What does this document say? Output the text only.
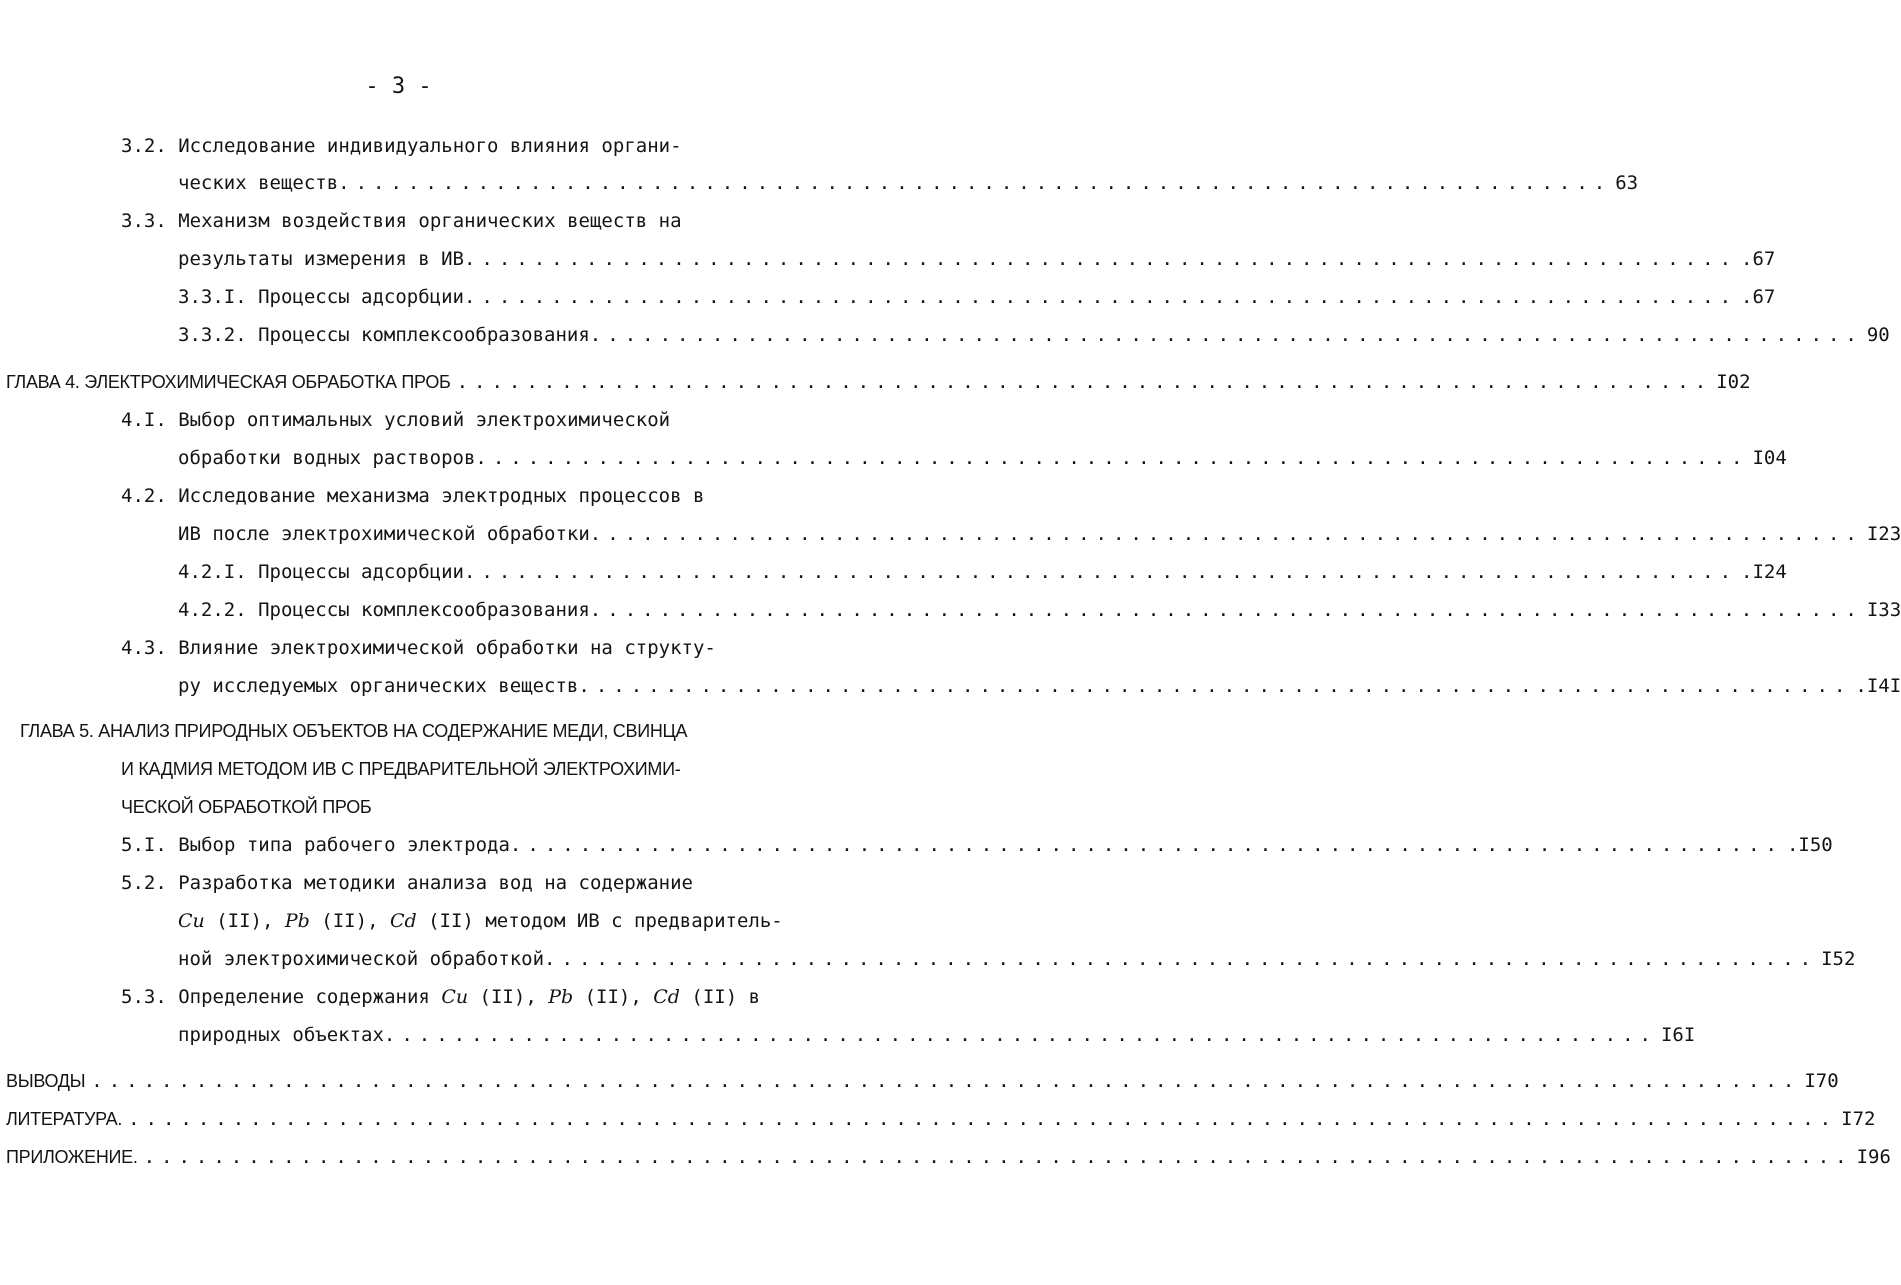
- 3 -
3.2. Исследование индивидуального влияния органи-
ческих веществ. ........................................................................ 63
3.3. Механизм воздействия органических веществ на
результаты измерения в ИВ. ........................................................................ .67
3.3.I. Процессы адсорбции. ........................................................................ .67
3.3.2. Процессы комплексообразования. ........................................................................ 90
ГЛАВА 4. ЭЛЕКТРОХИМИЧЕСКАЯ ОБРАБОТКА ПРОБ ........................................................................ I02
4.I. Выбор оптимальных условий электрохимической
обработки водных растворов. ........................................................................ I04
4.2. Исследование механизма электродных процессов в
ИВ после электрохимической обработки. ........................................................................ I23
4.2.I. Процессы адсорбции. ........................................................................ .I24
4.2.2. Процессы комплексообразования. ........................................................................ I33
4.3. Влияние электрохимической обработки на структу-
ру исследуемых органических веществ. ........................................................................ .I4I
ГЛАВА 5. АНАЛИЗ ПРИРОДНЫХ ОБЪЕКТОВ НА СОДЕРЖАНИЕ МЕДИ, СВИНЦА
И КАДМИЯ МЕТОДОМ ИВ С ПРЕДВАРИТЕЛЬНОЙ ЭЛЕКТРОХИМИ-
ЧЕСКОЙ ОБРАБОТКОЙ ПРОБ
5.I. Выбор типа рабочего электрода. ........................................................................ .I50
5.2. Разработка методики анализа вод на содержание
Cu (II), Pb (II), Cd (II) методом ИВ с предваритель-
ной электрохимической обработкой. ........................................................................ I52
5.3. Определение содержания Cu (II), Pb (II), Cd (II) в
природных объектах. ........................................................................ I6I
ВЫВОДЫ .................................................................................................. I70
ЛИТЕРАТУРА. .................................................................................................. I72
ПРИЛОЖЕНИЕ. .................................................................................................. I96
